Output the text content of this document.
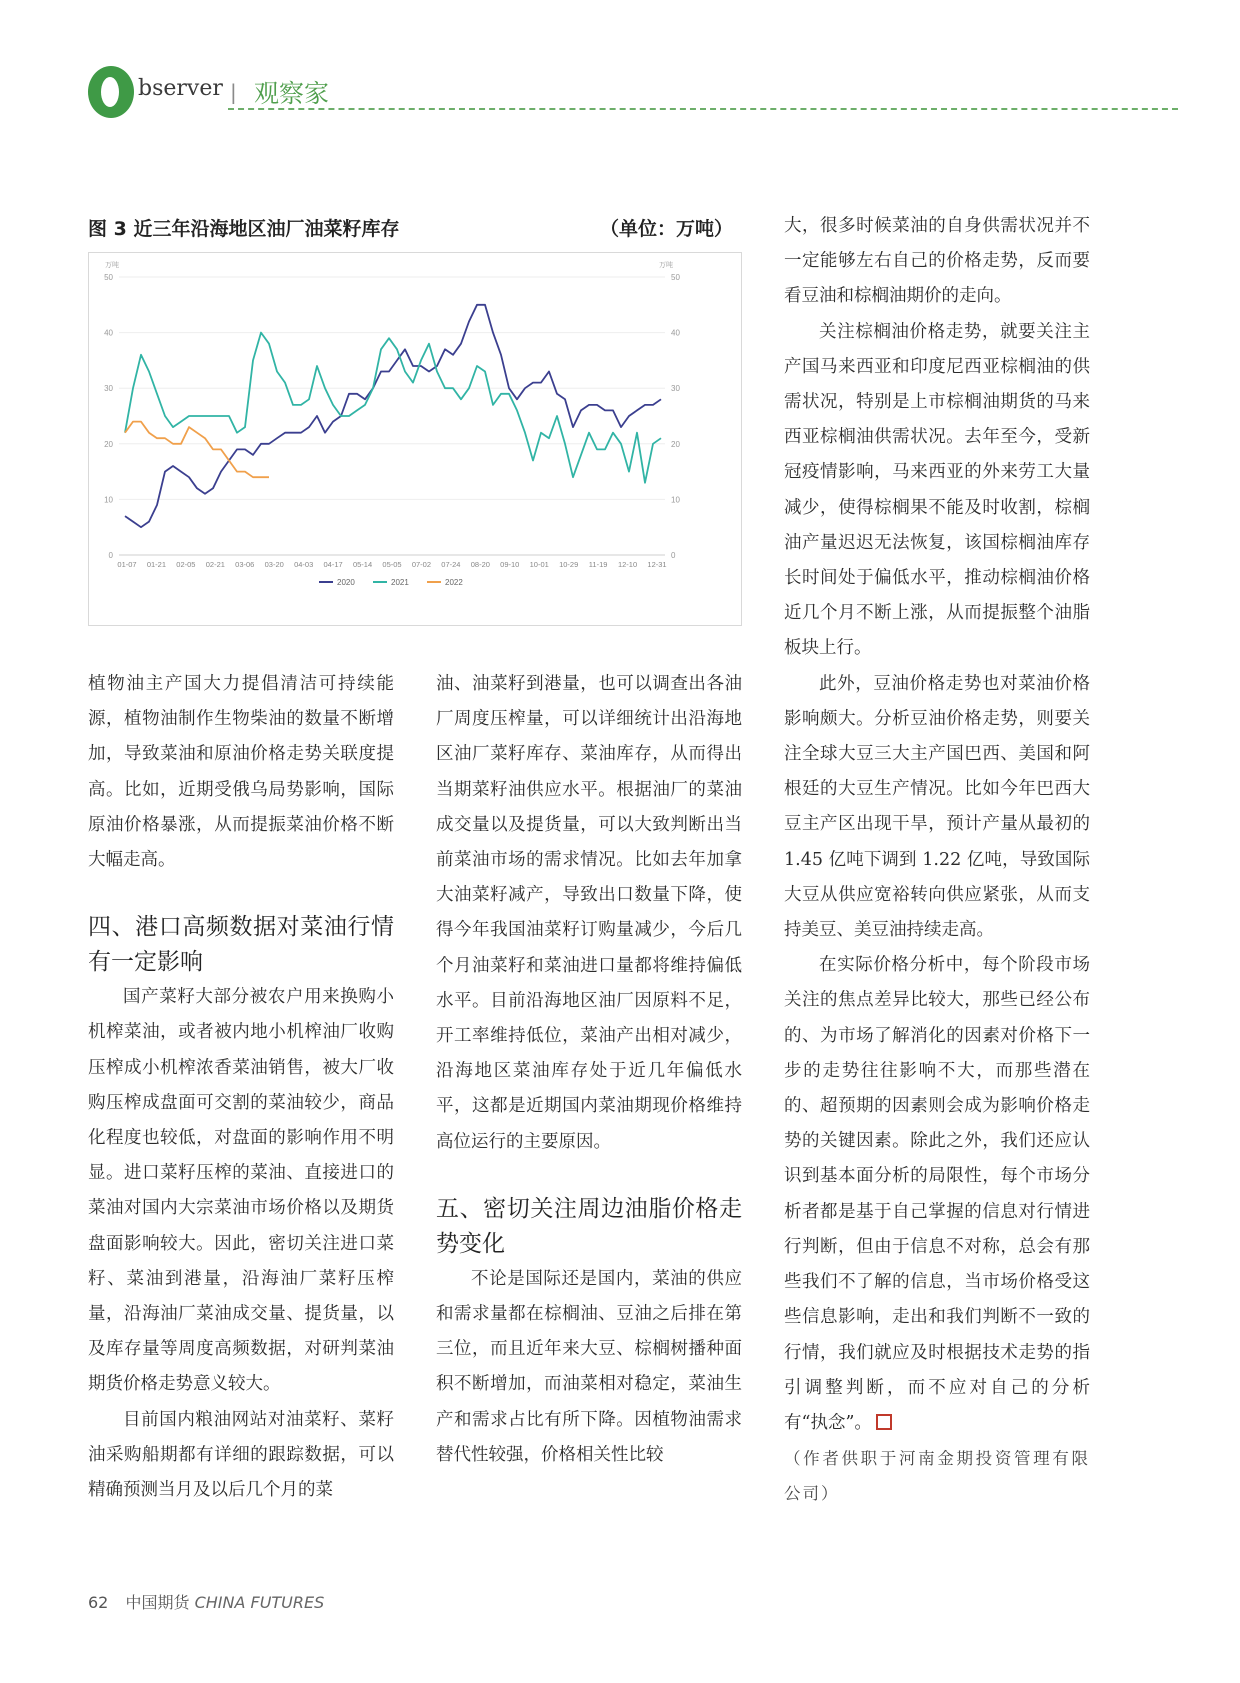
bserver | 观察家
图 3 近三年沿海地区油厂油菜籽库存	（单位：万吨）
0	0
10	10
20	20
30	30
40	40
50	50
万吨	万吨
01-07 01-21 02-05 02-21 03-06 03-20 04-03 04-17 05-14 05-05 07-02 07-24 08-20 09-10 10-01 10-29 11-19 12-10 12-31
2020	2021	2022

植物油主产国大力提倡清洁可持续能源，植物油制作生物柴油的数量不断增加，导致菜油和原油价格走势关联度提高。比如，近期受俄乌局势影响，国际原油价格暴涨，从而提振菜油价格不断大幅走高。

四、港口高频数据对菜油行情有一定影响

国产菜籽大部分被农户用来换购小机榨菜油，或者被内地小机榨油厂收购压榨成小机榨浓香菜油销售，被大厂收购压榨成盘面可交割的菜油较少，商品化程度也较低，对盘面的影响作用不明显。进口菜籽压榨的菜油、直接进口的菜油对国内大宗菜油市场价格以及期货盘面影响较大。因此，密切关注进口菜籽、菜油到港量，沿海油厂菜籽压榨量，沿海油厂菜油成交量、提货量，以及库存量等周度高频数据，对研判菜油期货价格走势意义较大。

目前国内粮油网站对油菜籽、菜籽油采购船期都有详细的跟踪数据，可以精确预测当月及以后几个月的菜

油、油菜籽到港量，也可以调查出各油厂周度压榨量，可以详细统计出沿海地区油厂菜籽库存、菜油库存，从而得出当期菜籽油供应水平。根据油厂的菜油成交量以及提货量，可以大致判断出当前菜油市场的需求情况。比如去年加拿大油菜籽减产，导致出口数量下降，使得今年我国油菜籽订购量减少，今后几个月油菜籽和菜油进口量都将维持偏低水平。目前沿海地区油厂因原料不足，开工率维持低位，菜油产出相对减少，沿海地区菜油库存处于近几年偏低水平，这都是近期国内菜油期现价格维持高位运行的主要原因。

五、密切关注周边油脂价格走势变化

不论是国际还是国内，菜油的供应和需求量都在棕榈油、豆油之后排在第三位，而且近年来大豆、棕榈树播种面积不断增加，而油菜相对稳定，菜油生产和需求占比有所下降。因植物油需求替代性较强，价格相关性比较

大，很多时候菜油的自身供需状况并不一定能够左右自己的价格走势，反而要看豆油和棕榈油期价的走向。

关注棕榈油价格走势，就要关注主产国马来西亚和印度尼西亚棕榈油的供需状况，特别是上市棕榈油期货的马来西亚棕榈油供需状况。去年至今，受新冠疫情影响，马来西亚的外来劳工大量减少，使得棕榈果不能及时收割，棕榈油产量迟迟无法恢复，该国棕榈油库存长时间处于偏低水平，推动棕榈油价格近几个月不断上涨，从而提振整个油脂板块上行。

此外，豆油价格走势也对菜油价格影响颇大。分析豆油价格走势，则要关注全球大豆三大主产国巴西、美国和阿根廷的大豆生产情况。比如今年巴西大豆主产区出现干旱，预计产量从最初的 1.45 亿吨下调到 1.22 亿吨，导致国际大豆从供应宽裕转向供应紧张，从而支持美豆、美豆油持续走高。

在实际价格分析中，每个阶段市场关注的焦点差异比较大，那些已经公布的、为市场了解消化的因素对价格下一步的走势往往影响不大，而那些潜在的、超预期的因素则会成为影响价格走势的关键因素。除此之外，我们还应认识到基本面分析的局限性，每个市场分析者都是基于自己掌握的信息对行情进行判断，但由于信息不对称，总会有那些我们不了解的信息，当市场价格受这些信息影响，走出和我们判断不一致的行情，我们就应及时根据技术走势的指引调整判断，而不应对自己的分析有“执念”。

（作者供职于河南金期投资管理有限公司）

62 中国期货 CHINA FUTURES
